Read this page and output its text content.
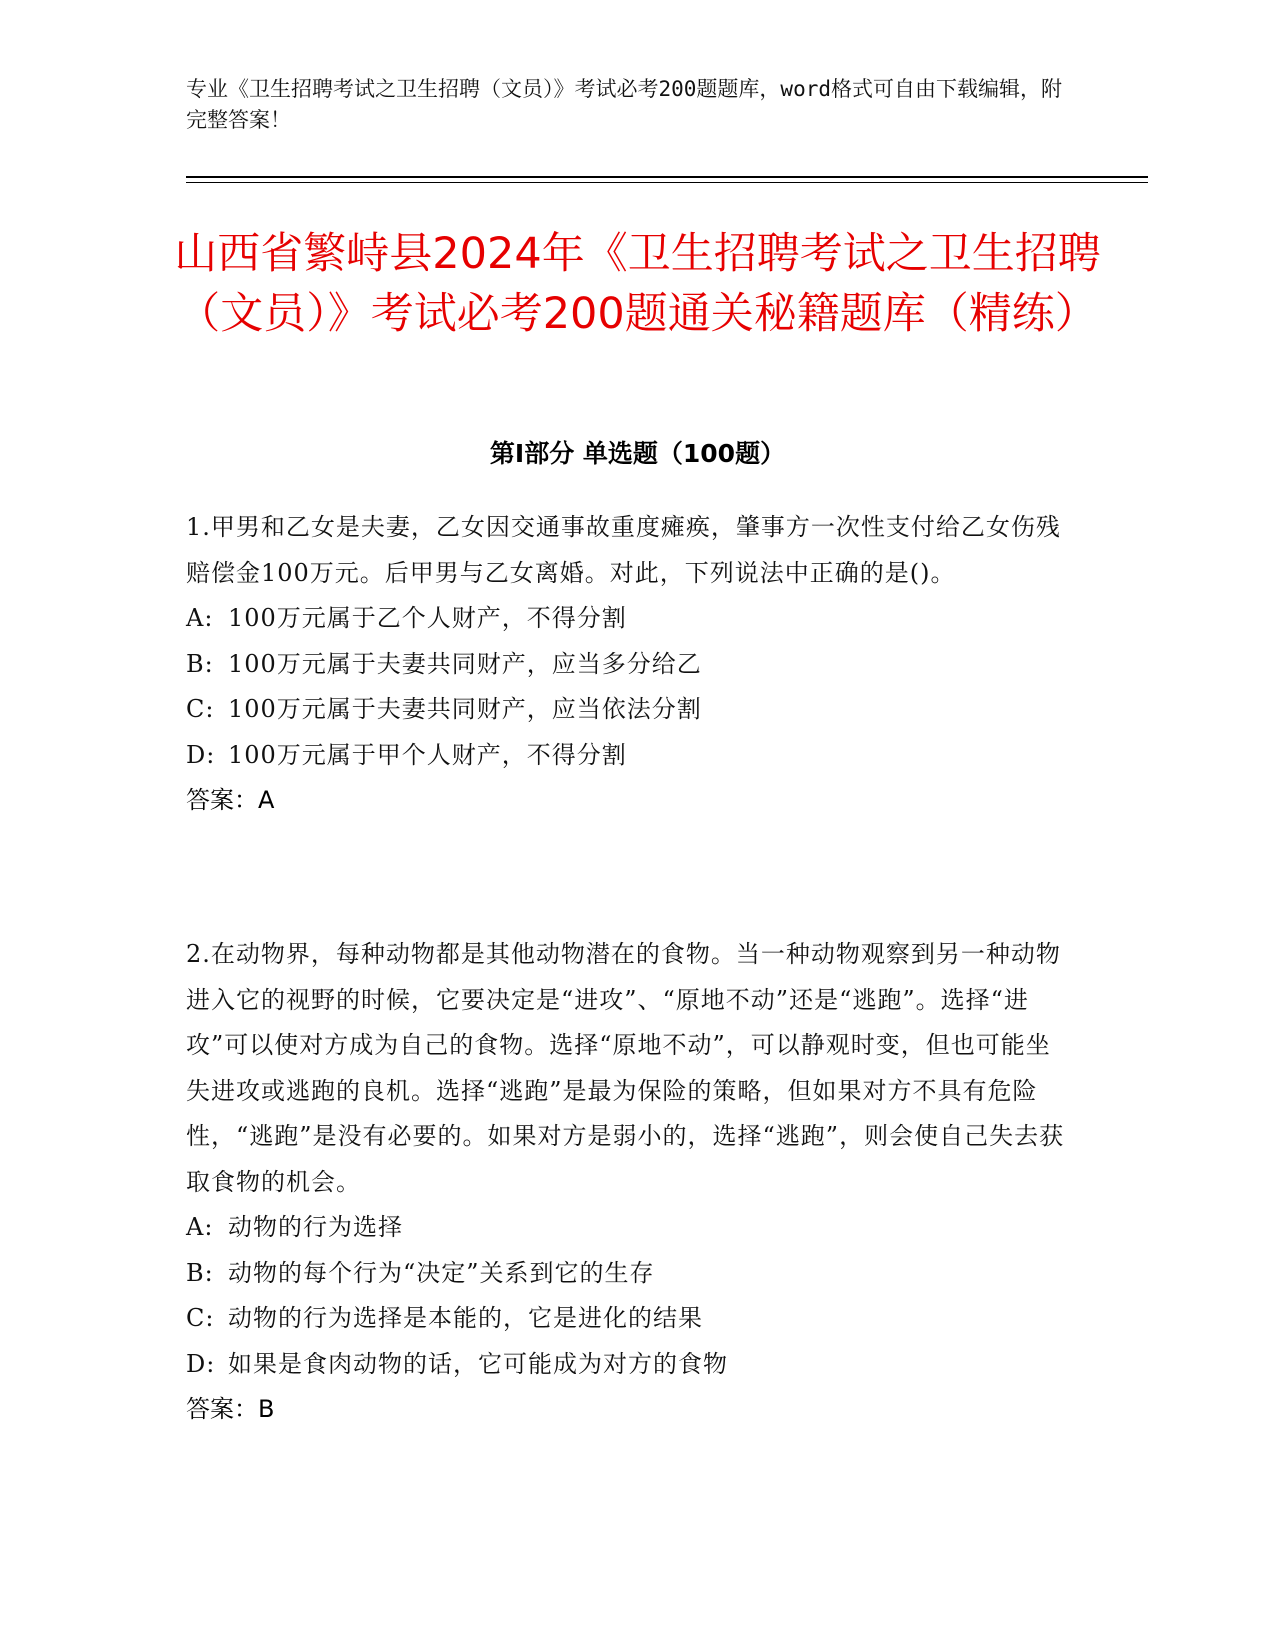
专业《卫生招聘考试之卫生招聘（文员）》考试必考200题题库，word格式可自由下载编辑，附完整答案！
山西省繁峙县2024年《卫生招聘考试之卫生招聘（文员）》考试必考200题通关秘籍题库（精练）
第Ⅰ部分 单选题（100题）

1.甲男和乙女是夫妻，乙女因交通事故重度瘫痪，肇事方一次性支付给乙女伤残赔偿金100万元。后甲男与乙女离婚。对此，下列说法中正确的是()。

A: 100万元属于乙个人财产，不得分割

B: 100万元属于夫妻共同财产，应当多分给乙

C: 100万元属于夫妻共同财产，应当依法分割

D: 100万元属于甲个人财产，不得分割

答案：A

2.在动物界，每种动物都是其他动物潜在的食物。当一种动物观察到另一种动物进入它的视野的时候，它要决定是“进攻”、“原地不动”还是“逃跑”。选择“进攻”可以使对方成为自己的食物。选择“原地不动”，可以静观时变，但也可能坐失进攻或逃跑的良机。选择“逃跑”是最为保险的策略，但如果对方不具有危险性，“逃跑”是没有必要的。如果对方是弱小的，选择“逃跑”，则会使自己失去获取食物的机会。

A: 动物的行为选择

B: 动物的每个行为“决定”关系到它的生存

C: 动物的行为选择是本能的，它是进化的结果

D: 如果是食肉动物的话，它可能成为对方的食物

答案：B
